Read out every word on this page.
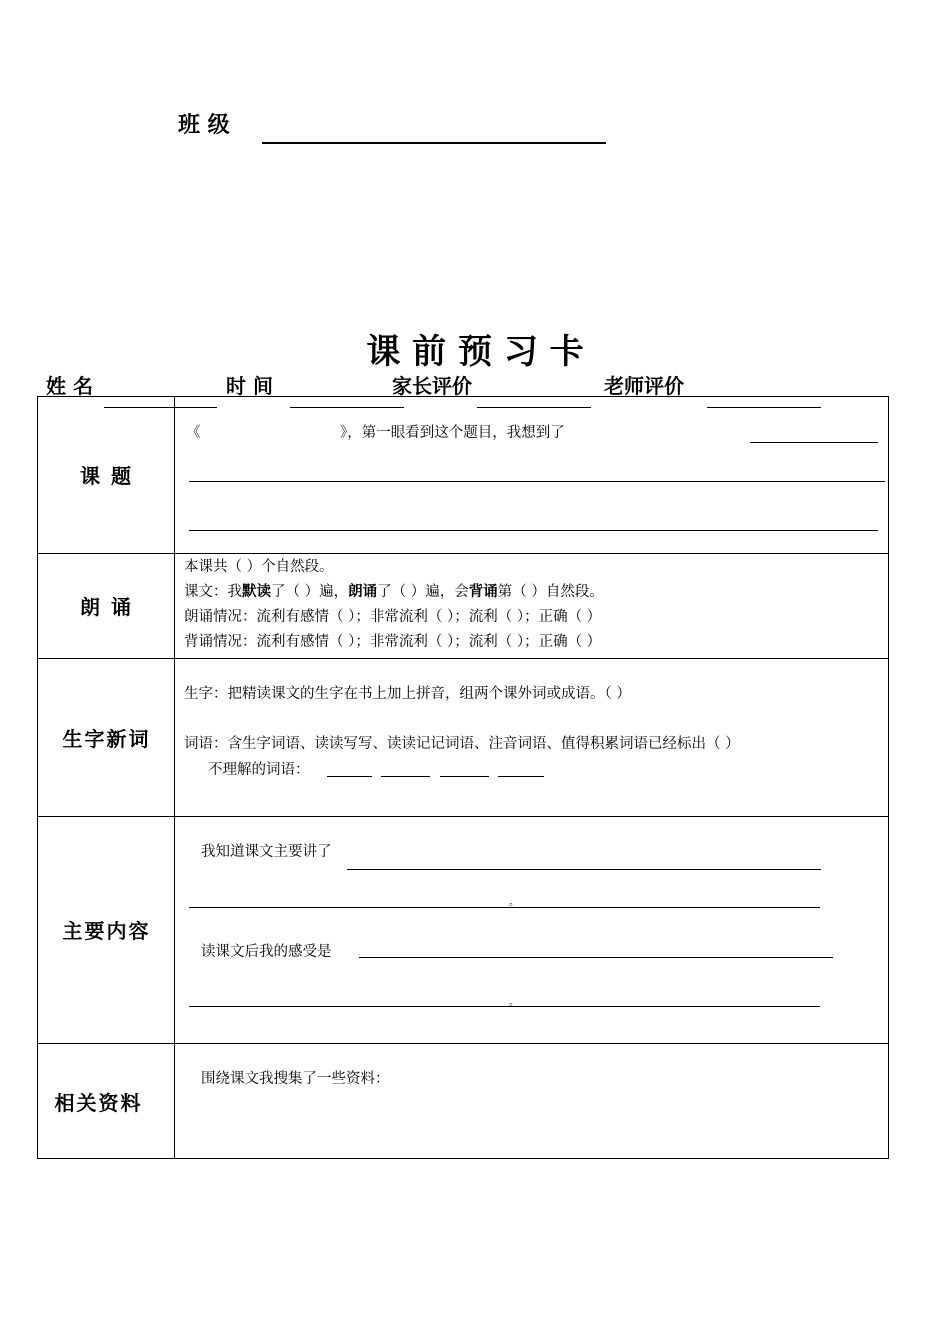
班 级
课 前 预 习 卡
姓 名	时 间	家长评价	老师评价
课 题
《	》，第一眼看到这个题目，我想到了
朗 诵
本课共（ ）个自然段。
课文：我默读了（ ）遍，朗诵了（ ）遍，会背诵第（ ）自然段。
朗诵情况：流利有感情（ ）；非常流利（ ）；流利（ ）；正确（ ）
背诵情况：流利有感情（ ）；非常流利（ ）；流利（ ）；正确（ ）
生字新词
生字：把精读课文的生字在书上加上拼音，组两个课外词或成语。（ ）
词语：含生字词语、读读写写、读读记记词语、注音词语、值得积累词语已经标出（ ）
不理解的词语：
主要内容
我知道课文主要讲了
。
读课文后我的感受是
。
相关资料
围绕课文我搜集了一些资料：
